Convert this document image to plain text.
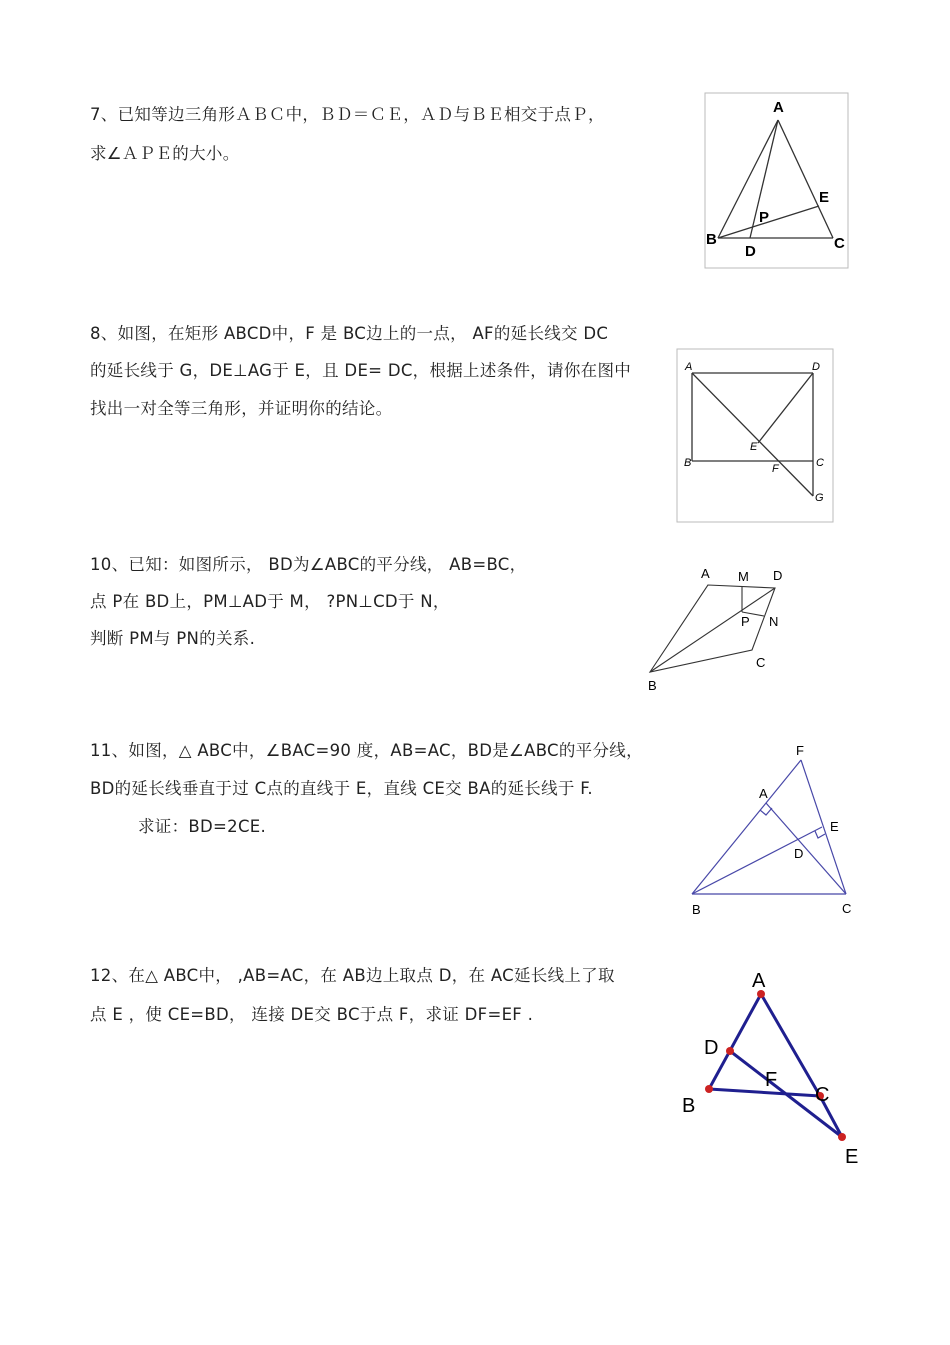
7、已知等边三角形ＡＢＣ中，ＢＤ＝ＣＥ，ＡＤ与ＢＥ相交于点Ｐ，
求∠ＡＰＥ的大小。
8、如图，在矩形 ABCD中，F 是 BC边上的一点， AF的延长线交 DC
的延长线于 G，DE⊥AG于 E，且 DE= DC，根据上述条件，请你在图中
找出一对全等三角形，并证明你的结论。
10、已知：如图所示， BD为∠ABC的平分线， AB=BC，
点 P在 BD上，PM⊥AD于 M， ?PN⊥CD于 N，
判断 PM与 PN的关系.
11、如图，△ ABC中，∠BAC=90 度，AB=AC，BD是∠ABC的平分线，
BD的延长线垂直于过 C点的直线于 E，直线 CE交 BA的延长线于 F.
求证：BD=2CE.
12、在△ ABC中， ,AB=AC，在 AB边上取点 D，在 AC延长线上了取
点 E ，使 CE=BD， 连接 DE交 BC于点 F，求证 DF=EF .
A
E
P
B
D	C
A	D
E
B	C
F
G
A M D
P N
C
B
F
A
E
D
B	C
A
D
F
C
B
E
